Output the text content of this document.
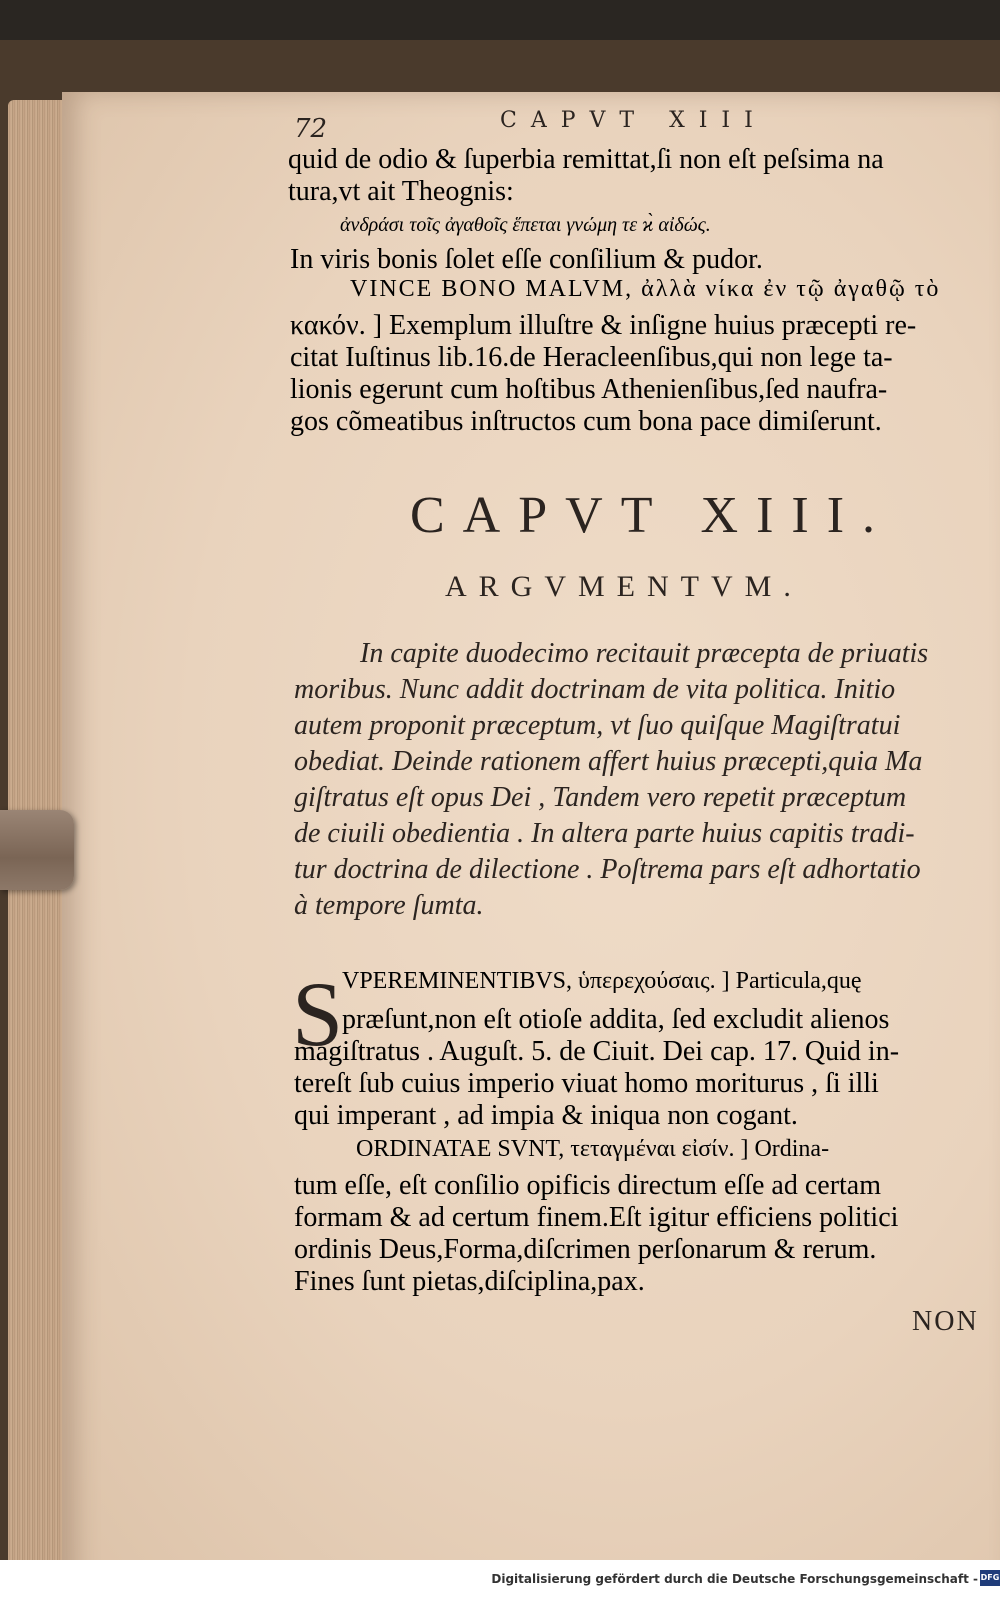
72	CAPVT XIII
quid de odio & ſuperbia remittat,ſi non eſt peſsima na
tura,vt ait Theognis:
ἀνδράσι τοῖς ἀγαθοῖς ἕπεται γνώμη τε ϰ̀ αἰδώς.
In viris bonis ſolet eſſe conſilium & pudor.
VINCE BONO MALVM, ἀλλὰ νίκα ἐν τῷ ἀγαθῷ τὸ
κακόν. ] Exemplum illuſtre & inſigne huius præcepti re-
citat Iuſtinus lib.16.de Heracleenſibus,qui non lege ta-
lionis egerunt cum hoſtibus Athenienſibus,ſed naufra-
gos cõmeatibus inſtructos cum bona pace dimiſerunt.
CAPVT XIII.
ARGVMENTVM.
In capite duodecimo recitauit præcepta de priuatis
moribus. Nunc addit doctrinam de vita politica. Initio
autem proponit præceptum, vt ſuo quiſque Magiſtratui
obediat. Deinde rationem affert huius præcepti,quia Ma
giſtratus eſt opus Dei , Tandem vero repetit præceptum
de ciuili obedientia . In altera parte huius capitis tradi-
tur doctrina de dilectione . Poſtrema pars eſt adhortatio
à tempore ſumta.
S
VPEREMINENTIBVS, ὑπερεχούσαις. ] Particula,quę
præſunt,non eſt otioſe addita, ſed excludit alienos
magiſtratus . Auguſt. 5. de Ciuit. Dei cap. 17. Quid in-
tereſt ſub cuius imperio viuat homo moriturus , ſi illi
qui imperant , ad impia & iniqua non cogant.
ORDINATAE SVNT, τεταγμέναι εἰσίν. ] Ordina-
tum eſſe, eſt conſilio opificis directum eſſe ad certam
formam & ad certum finem.Eſt igitur efficiens politici
ordinis Deus,Forma,diſcrimen perſonarum & rerum.
Fines ſunt pietas,diſciplina,pax.
NON
Digitalisierung gefördert durch die Deutsche Forschungsgemeinschaft - DFG
